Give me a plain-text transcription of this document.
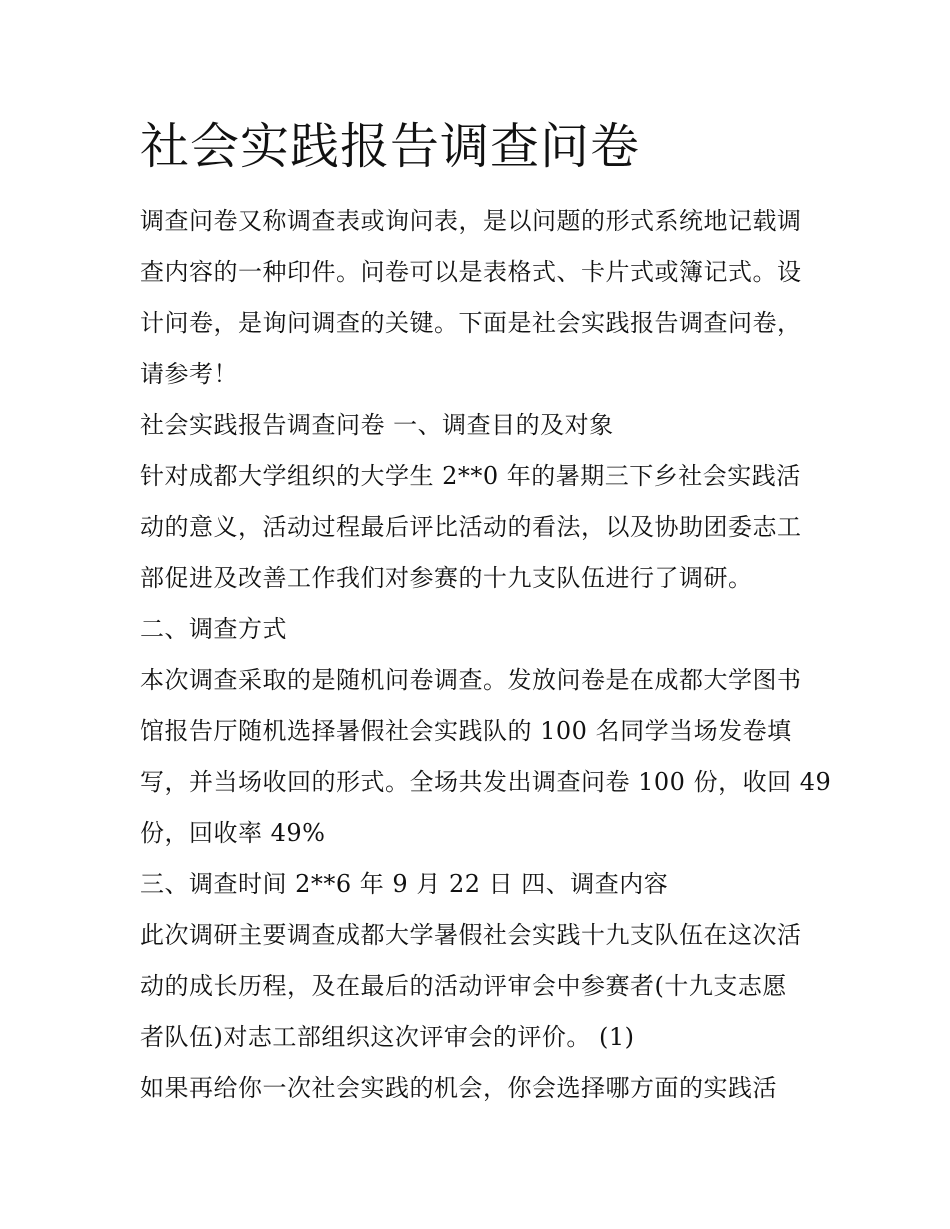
社会实践报告调查问卷

调查问卷又称调查表或询问表，是以问题的形式系统地记载调

查内容的一种印件。问卷可以是表格式、卡片式或簿记式。设

计问卷，是询问调查的关键。下面是社会实践报告调查问卷，

请参考！

社会实践报告调查问卷 一、调查目的及对象

针对成都大学组织的大学生 2**0 年的暑期三下乡社会实践活

动的意义，活动过程最后评比活动的看法，以及协助团委志工

部促进及改善工作我们对参赛的十九支队伍进行了调研。

二、调查方式

本次调查采取的是随机问卷调查。发放问卷是在成都大学图书

馆报告厅随机选择暑假社会实践队的 100 名同学当场发卷填

写，并当场收回的形式。全场共发出调查问卷 100 份，收回 49

份，回收率 49%

三、调查时间 2**6 年 9 月 22 日 四、调查内容

此次调研主要调查成都大学暑假社会实践十九支队伍在这次活

动的成长历程，及在最后的活动评审会中参赛者(十九支志愿

者队伍)对志工部组织这次评审会的评价。 (1)

如果再给你一次社会实践的机会，你会选择哪方面的实践活
